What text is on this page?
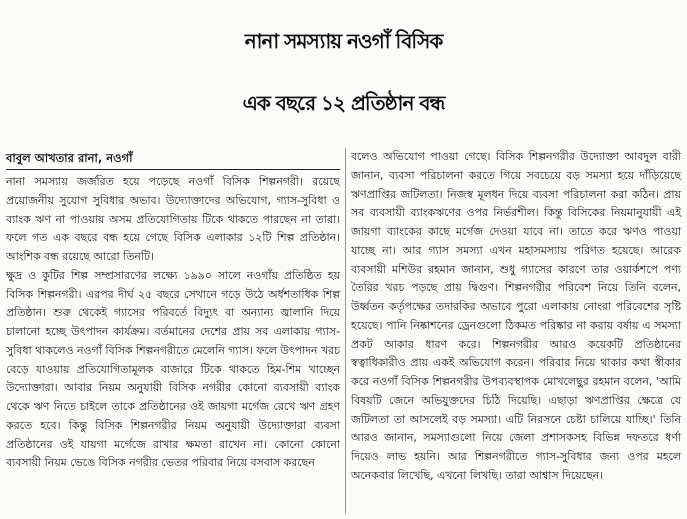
নানা সমস্যায় নওগাঁ বিসিক
এক বছরে ১২ প্রতিষ্ঠান বন্ধ
বাবুল আখতার রানা, নওগাঁ

নানা সমস্যায় জর্জরিত হয়ে পড়েছে নওগাঁ বিসিক শিল্পনগরী। রয়েছে প্রয়োজনীয় সুযোগ সুবিধার অভাব। উদ্যোক্তাদের অভিযোগ, গ্যাস-সুবিধা ও ব্যাংক ঋণ না পাওয়ায় অসম প্রতিযোগিতায় টিকে থাকতে পারছেন না তারা। ফলে গত এক বছরে বন্ধ হয়ে গেছে বিসিক এলাকার ১২টি শিল্প প্রতিষ্ঠান। আংশিক বন্ধ রয়েছে আরো তিনটি।

ক্ষুদ্র ও কুটির শিল্প সম্প্রসারণের লক্ষ্যে ১৯৯০ সালে নওগাঁয় প্রতিষ্ঠিত হয় বিসিক শিল্পনগরী। এরপর দীর্ঘ ২৫ বছরে সেখানে গড়ে উঠে অর্ধশতাধিক শিল্প প্রতিষ্ঠান। শুরু থেকেই গ্যাসের পরিবর্তে বিদ্যুৎ বা অন্যান্য জ্বালানি দিয়ে চালানো হচ্ছে উৎপাদন কার্যক্রম। বর্তমানের দেশের প্রায় সব এলাকায় গ্যাস-সুবিধা থাকলেও নওগাঁ বিসিক শিল্পনগরীতে মেলেনি গ্যাস। ফলে উৎপাদন খরচ বেড়ে যাওয়ায় প্রতিযোগিতামূলক বাজারে টিকে থাকতে হিম-শিম খাচ্ছেন উদ্যোক্তারা। আবার নিয়ম অনুযায়ী বিসিক নগরীর কোনো ব্যবসায়ী ব্যাংক থেকে ঋণ নিতে চাইলে তাকে প্রতিষ্ঠানের ওই জায়গা মর্গেজ রেখে ঋণ গ্রহণ করতে হবে। কিন্তু বিসিক শিল্পনগরীর নিয়ম অনুযায়ী উদ্যোক্তারা ব্যবসা প্রতিষ্ঠানের ওই যায়গা মর্গেজে রাখার ক্ষমতা রাখেন না। কোনো কোনো ব্যবসায়ী নিয়ম ভেঙে বিসিক নগরীর ভেতর পরিবার নিয়ে বসবাস করছেন

বলেও অভিযোগ পাওয়া গেছে। বিসিক শিল্পনগরীর উদ্যোক্তা আবদুল বারী জানান, ব্যবসা পরিচালনা করতে গিয়ে সবচেয়ে বড় সমস্যা হয়ে দাঁড়িয়েছে ঋণপ্রাপ্তির জটিলতা। নিজস্ব মূলধন দিয়ে ব্যবসা পরিচালনা করা কঠিন। প্রায় সব ব্যবসায়ী ব্যাংকঋণের ওপর নির্ভরশীল। কিন্তু বিসিকের নিয়মানুযায়ী এই জায়গা ব্যাংকের কাছে মর্গেজ দেওয়া যাবে না। তাতে করে ঋণও পাওয়া যাচ্ছে না। আর গ্যাস সমস্যা এখন মহাসমস্যায় পরিণত হয়েছে। আরেক ব্যবসায়ী মশিউর রহমান জানান, শুধু গ্যাসের কারণে তার ওয়ার্কশপে পণ্য তৈরির খরচ পড়ছে প্রায় দ্বিগুণ। শিল্পনগরীর পরিবেশ নিয়ে তিনি বলেন, উর্ধ্বতন কর্তৃপক্ষের তদারকির অভাবে পুরো এলাকায় নোংরা পরিবেশের সৃষ্টি হয়েছে। পানি নিষ্কাশনের ড্রেনগুলো ঠিকমত পরিষ্কার না করায় বর্ষায় এ সমস্যা প্রকট আকার ধারণ করে। শিল্পনগরীর আরও কয়েকটি প্রতিষ্ঠানের স্বত্বাধিকারীও প্রায় একই অভিযোগ করেন। পরিবার নিয়ে থাকার কথা স্বীকার করে নওগাঁ বিসিক শিল্পনগরীর উপব্যবস্থাপক মোখলেছুর রহমান বলেন, 'আমি বিষয়টি জেনে অভিযুক্তদের চিঠি দিয়েছি। এছাড়া ঋণপ্রাপ্তির ক্ষেত্রে যে জটিলতা তা আসলেই বড় সমস্যা। এটি নিরসনে চেষ্টা চালিয়ে যাচ্ছি।' তিনি আরও জানান, সমস্যাগুলো নিয়ে জেলা প্রশাসকসহ বিভিন্ন দফতরে ধর্ণা দিয়েও লাভ হয়নি। আর শিল্পনগরীতে গ্যাস-সুবিধার জন্য ওপর মহলে অনেকবার লিখেছি, এখনো লিখছি। তারা আশ্বাস দিয়েছেন।
